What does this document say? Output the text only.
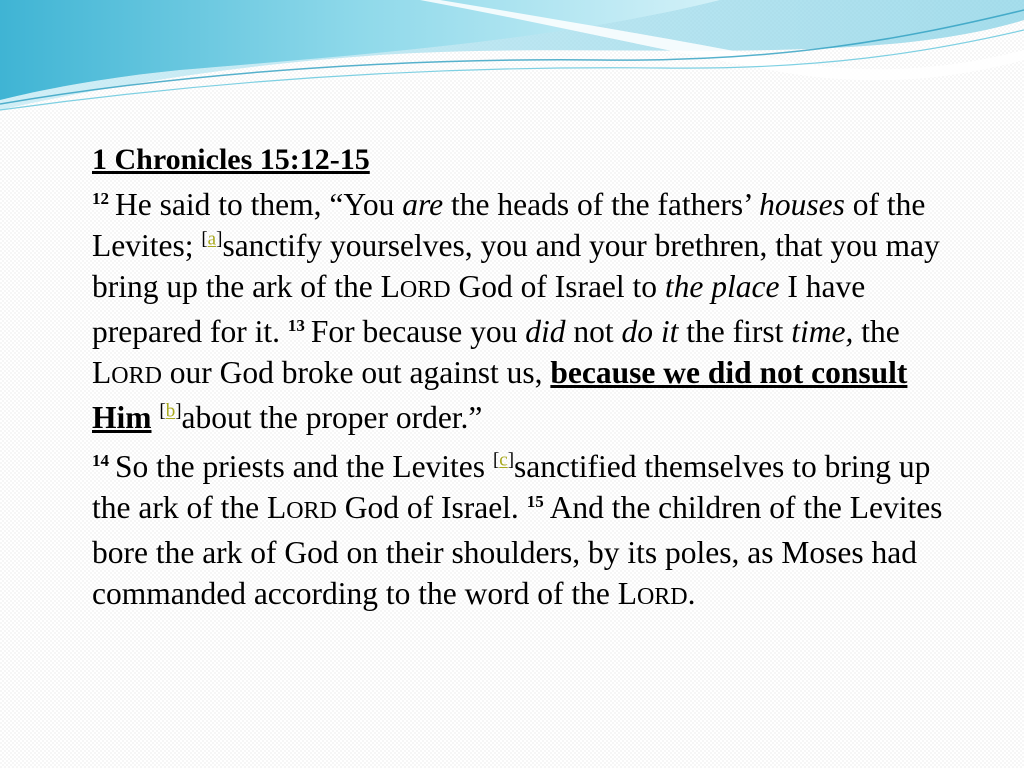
1 Chronicles 15:12-15

$^{12}$ He said to them, “You are the heads of the fathers’ houses of the Levites; [a]sanctify yourselves, you and your brethren, that you may bring up the ark of the LORD God of Israel to the place I have prepared for it. $^{13}$ For because you did not do it the first time, the LORD our God broke out against us, because we did not consult Him [b]about the proper order.”

$^{14}$ So the priests and the Levites [c]sanctified themselves to bring up the ark of the LORD God of Israel. $^{15}$ And the children of the Levites bore the ark of God on their shoulders, by its poles, as Moses had commanded according to the word of the LORD.
